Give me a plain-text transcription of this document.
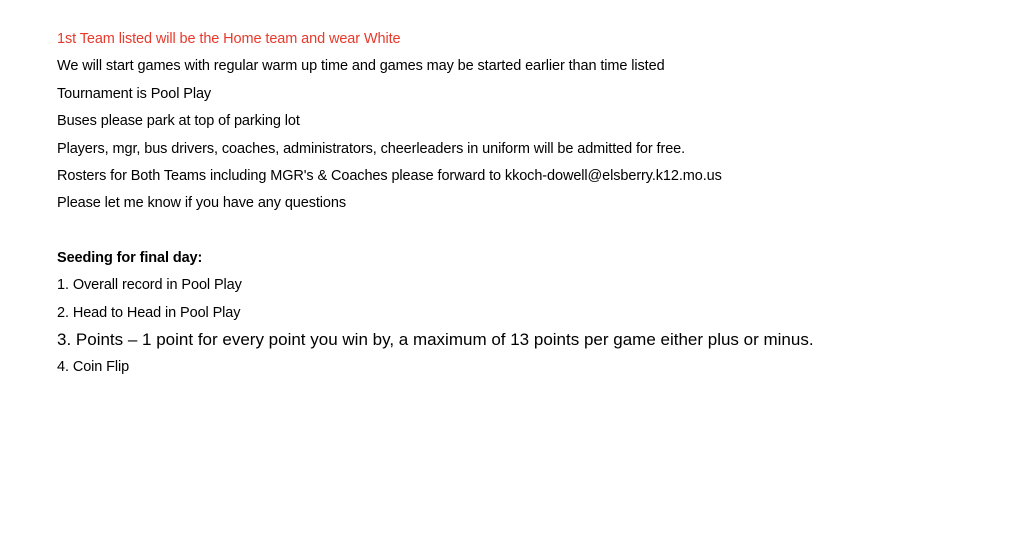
1st Team listed will be the Home team and wear White
We will start games with regular warm up time and games may be started earlier than time listed
Tournament is Pool Play
Buses please park at top of parking lot
Players, mgr, bus drivers, coaches, administrators, cheerleaders in uniform will be admitted for free.
Rosters for Both Teams including MGR's & Coaches please forward to kkoch-dowell@elsberry.k12.mo.us
Please let me know if you have any questions
Seeding for final day:
1. Overall record in Pool Play
2. Head to Head in Pool Play
3. Points – 1 point for every point you win by, a maximum of 13 points per game either plus or minus.
4. Coin Flip
